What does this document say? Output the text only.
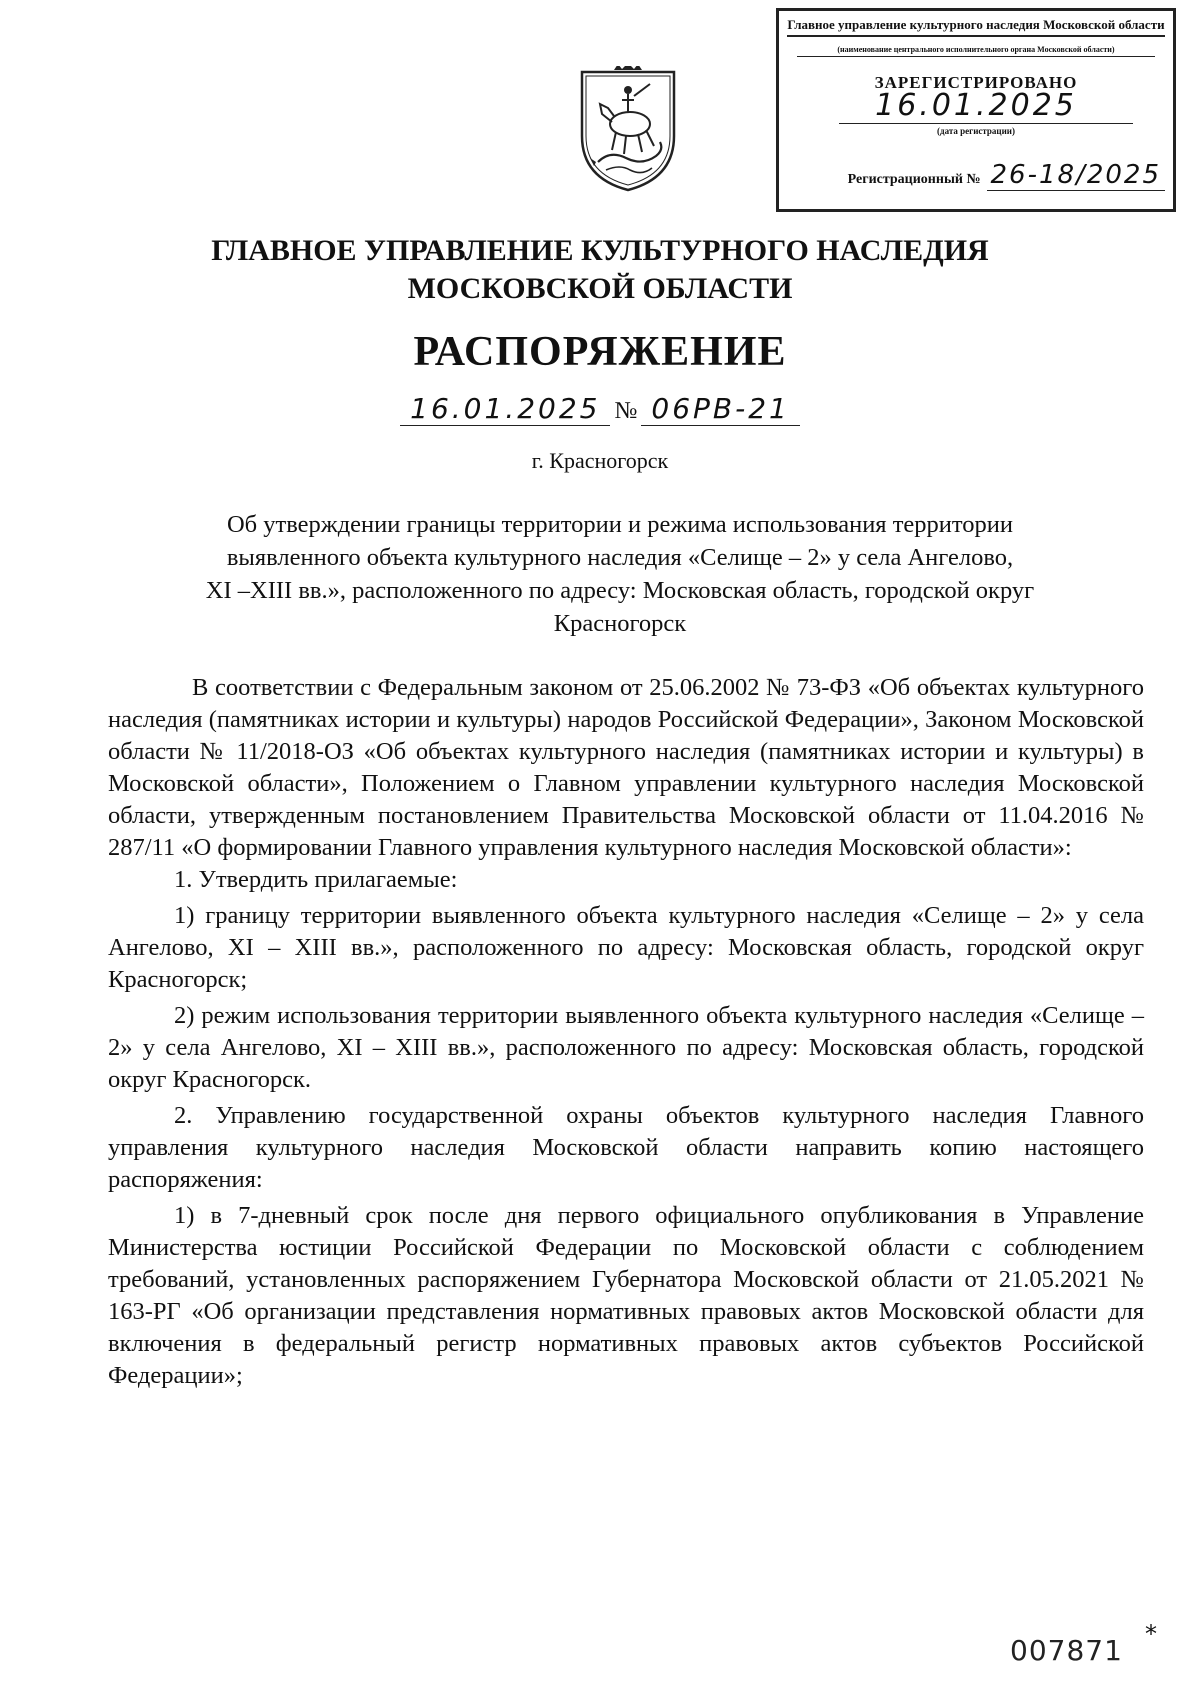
Главное управление культурного наследия Московской области
(наименование центрального исполнительного органа Московской области)
ЗАРЕГИСТРИРОВАНО
16.01.2025
(дата регистрации)
Регистрационный № 26-18/2025
ГЛАВНОЕ УПРАВЛЕНИЕ КУЛЬТУРНОГО НАСЛЕДИЯ
МОСКОВСКОЙ ОБЛАСТИ
РАСПОРЯЖЕНИЕ
16.01.2025 № 06РВ-21
г. Красногорск
Об утверждении границы территории и режима использования территории
выявленного объекта культурного наследия «Селище – 2» у села Ангелово,
XI –XIII вв.», расположенного по адресу: Московская область, городской округ
Красногорск

В соответствии с Федеральным законом от 25.06.2002 № 73-ФЗ «Об объектах культурного наследия (памятниках истории и культуры) народов Российской Федерации», Законом Московской области № 11/2018-ОЗ «Об объектах культурного наследия (памятниках истории и культуры) в Московской области», Положением о Главном управлении культурного наследия Московской области, утвержденным постановлением Правительства Московской области от 11.04.2016 № 287/11 «О формировании Главного управления культурного наследия Московской области»:

1. Утвердить прилагаемые:

1) границу территории выявленного объекта культурного наследия «Селище – 2» у села Ангелово, XI – XIII вв.», расположенного по адресу: Московская область, городской округ Красногорск;

2) режим использования территории выявленного объекта культурного наследия «Селище – 2» у села Ангелово, XI – XIII вв.», расположенного по адресу: Московская область, городской округ Красногорск.

2. Управлению государственной охраны объектов культурного наследия Главного управления культурного наследия Московской области направить копию настоящего распоряжения:

1) в 7-дневный срок после дня первого официального опубликования в Управление Министерства юстиции Российской Федерации по Московской области с соблюдением требований, установленных распоряжением Губернатора Московской области от 21.05.2021 № 163-РГ «Об организации представления нормативных правовых актов Московской области для включения в федеральный регистр нормативных правовых актов субъектов Российской Федерации»;

007871 *
